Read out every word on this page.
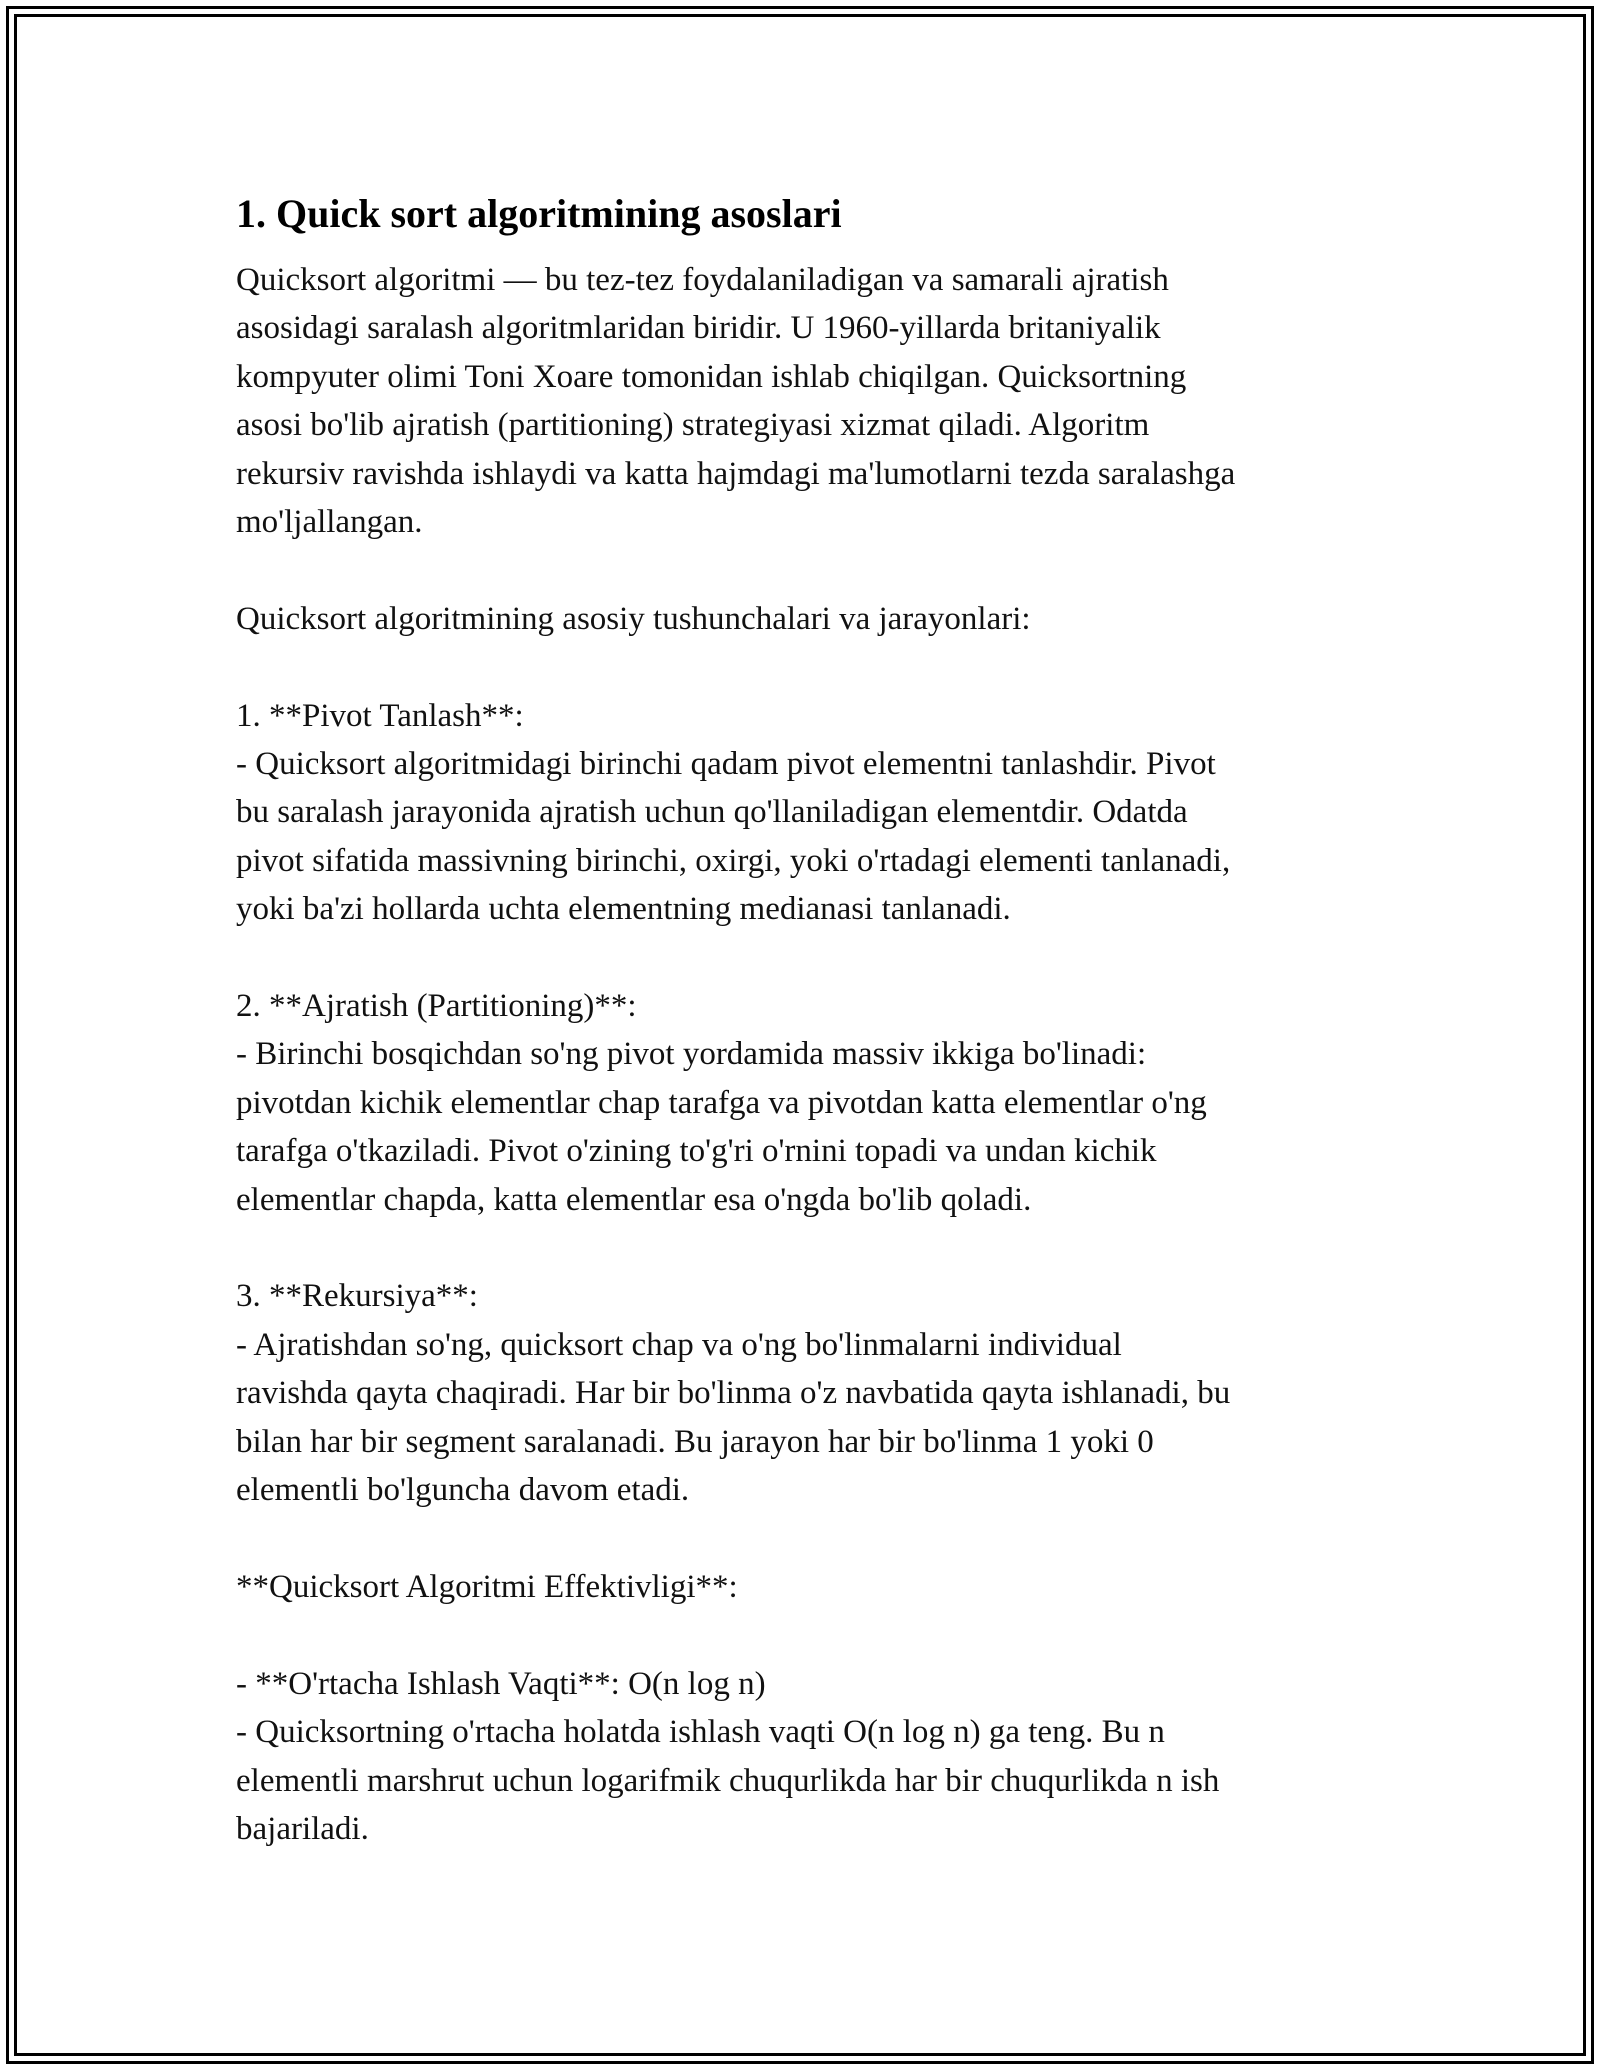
1. Quick sort algoritmining asoslari

Quicksort algoritmi — bu tez-tez foydalaniladigan va samarali ajratish
asosidagi saralash algoritmlaridan biridir. U 1960-yillarda britaniyalik
kompyuter olimi Toni Xoare tomonidan ishlab chiqilgan. Quicksortning
asosi bo'lib ajratish (partitioning) strategiyasi xizmat qiladi. Algoritm
rekursiv ravishda ishlaydi va katta hajmdagi ma'lumotlarni tezda saralashga
mo'ljallangan.

Quicksort algoritmining asosiy tushunchalari va jarayonlari:

1. **Pivot Tanlash**:
- Quicksort algoritmidagi birinchi qadam pivot elementni tanlashdir. Pivot
bu saralash jarayonida ajratish uchun qo'llaniladigan elementdir. Odatda
pivot sifatida massivning birinchi, oxirgi, yoki o'rtadagi elementi tanlanadi,
yoki ba'zi hollarda uchta elementning medianasi tanlanadi.

2. **Ajratish (Partitioning)**:
- Birinchi bosqichdan so'ng pivot yordamida massiv ikkiga bo'linadi:
pivotdan kichik elementlar chap tarafga va pivotdan katta elementlar o'ng
tarafga o'tkaziladi. Pivot o'zining to'g'ri o'rnini topadi va undan kichik
elementlar chapda, katta elementlar esa o'ngda bo'lib qoladi.

3. **Rekursiya**:
- Ajratishdan so'ng, quicksort chap va o'ng bo'linmalarni individual
ravishda qayta chaqiradi. Har bir bo'linma o'z navbatida qayta ishlanadi, bu
bilan har bir segment saralanadi. Bu jarayon har bir bo'linma 1 yoki 0
elementli bo'lguncha davom etadi.

**Quicksort Algoritmi Effektivligi**:

- **O'rtacha Ishlash Vaqti**: O(n log n)
- Quicksortning o'rtacha holatda ishlash vaqti O(n log n) ga teng. Bu n
elementli marshrut uchun logarifmik chuqurlikda har bir chuqurlikda n ish
bajariladi.
